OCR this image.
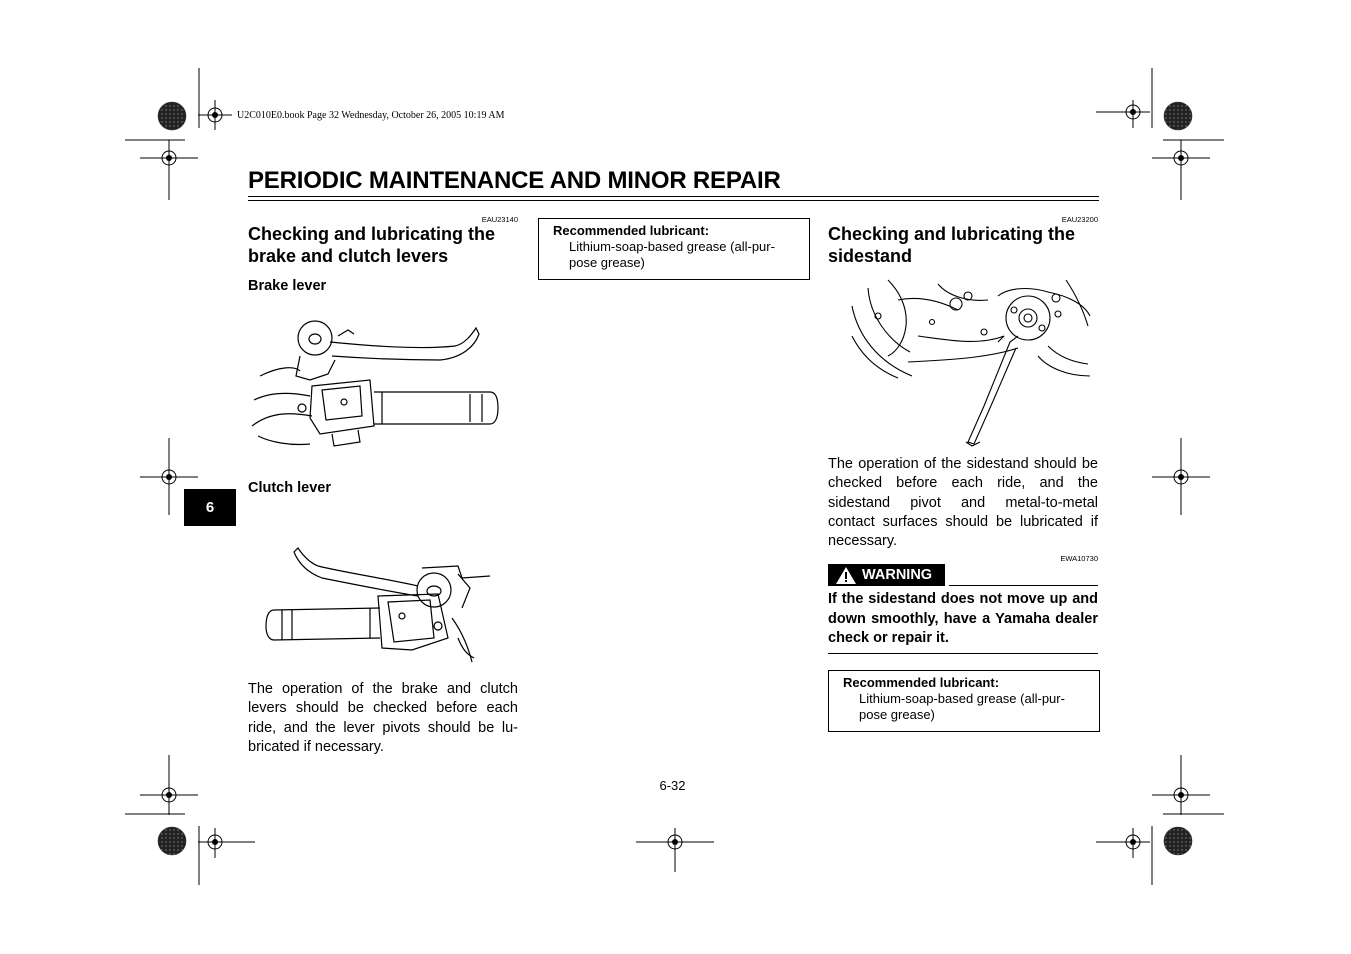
U2C010E0.book Page 32 Wednesday, October 26, 2005 10:19 AM
PERIODIC MAINTENANCE AND MINOR REPAIR
6
EAU23140
Checking and lubricating the brake and clutch levers
Brake lever
Clutch lever
The operation of the brake and clutch levers should be checked before each ride, and the lever pivots should be lu-bricated if necessary.
Recommended lubricant:
Lithium-soap-based grease (all-pur-pose grease)
EAU23200
Checking and lubricating the sidestand
The operation of the sidestand should be checked before each ride, and the sidestand pivot and metal-to-metal contact surfaces should be lubricated if necessary.
EWA10730
WARNING
If the sidestand does not move up and down smoothly, have a Yamaha dealer check or repair it.
Recommended lubricant:
Lithium-soap-based grease (all-pur-pose grease)
6-32
